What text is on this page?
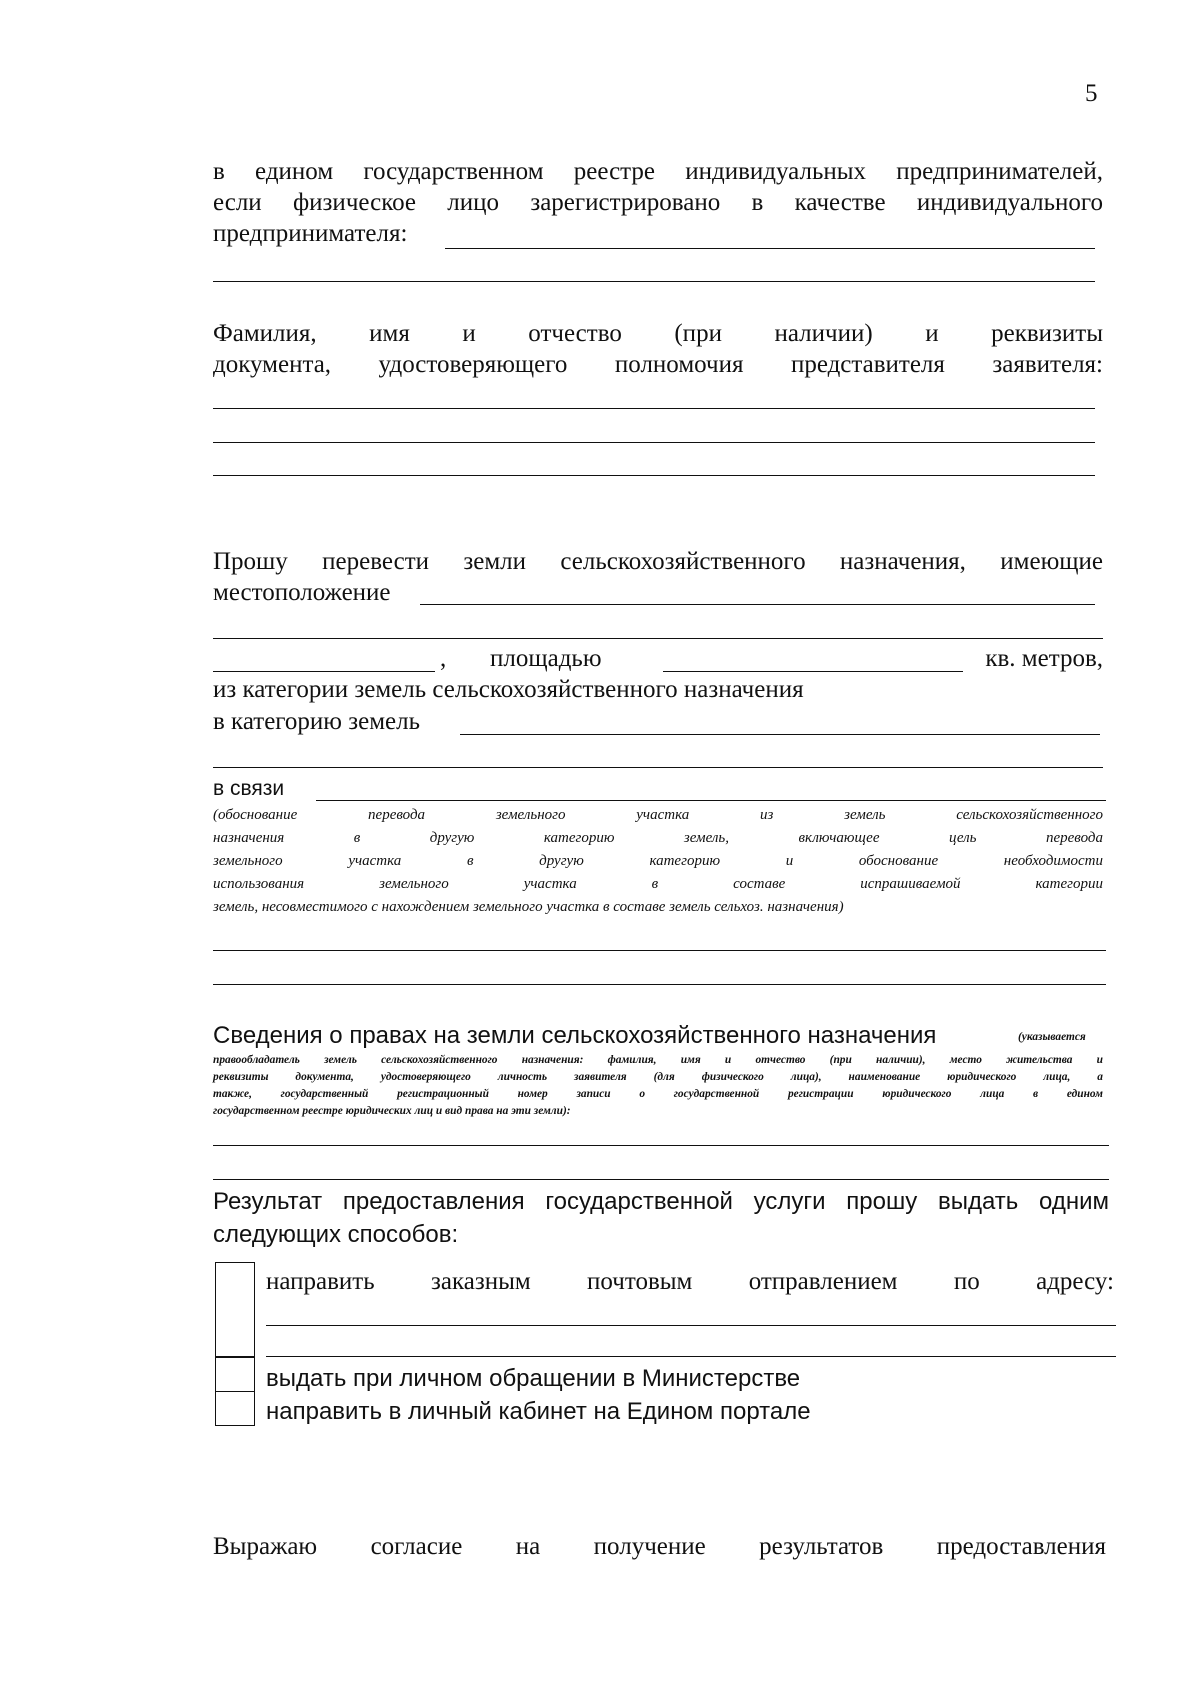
5
в едином государственном реестре индивидуальных предпринимателей,
если физическое лицо зарегистрировано в качестве индивидуального
предпринимателя:
Фамилия, имя и отчество (при наличии) и реквизиты
документа, удостоверяющего полномочия представителя заявителя:
Прошу перевести земли сельскохозяйственного назначения, имеющие
местоположение
,	площадью	кв. метров,
из категории земель сельскохозяйственного назначения
в категорию земель
в связи
(обоснование перевода земельного участка из земель сельскохозяйственного
назначения в другую категорию земель, включающее цель перевода
земельного участка в другую категорию и обоснование необходимости
использования земельного участка в составе испрашиваемой категории
земель, несовместимого с нахождением земельного участка в составе земель сельхоз. назначения)
Сведения о правах на земли сельскохозяйственного назначения	(указывается
правообладатель земель сельскохозяйственного назначения: фамилия, имя и отчество (при наличии), место жительства и
реквизиты документа, удостоверяющего личность заявителя (для физического лица), наименование юридического лица, а
также, государственный регистрационный номер записи о государственной регистрации юридического лица в едином
государственном реестре юридических лиц и вид права на эти земли):
Результат предоставления государственной услуги прошу выдать одним
следующих способов:
направить заказным почтовым отправлением по адресу:
выдать при личном обращении в Министерстве
направить в личный кабинет на Едином портале
Выражаю согласие на получение результатов предоставления
